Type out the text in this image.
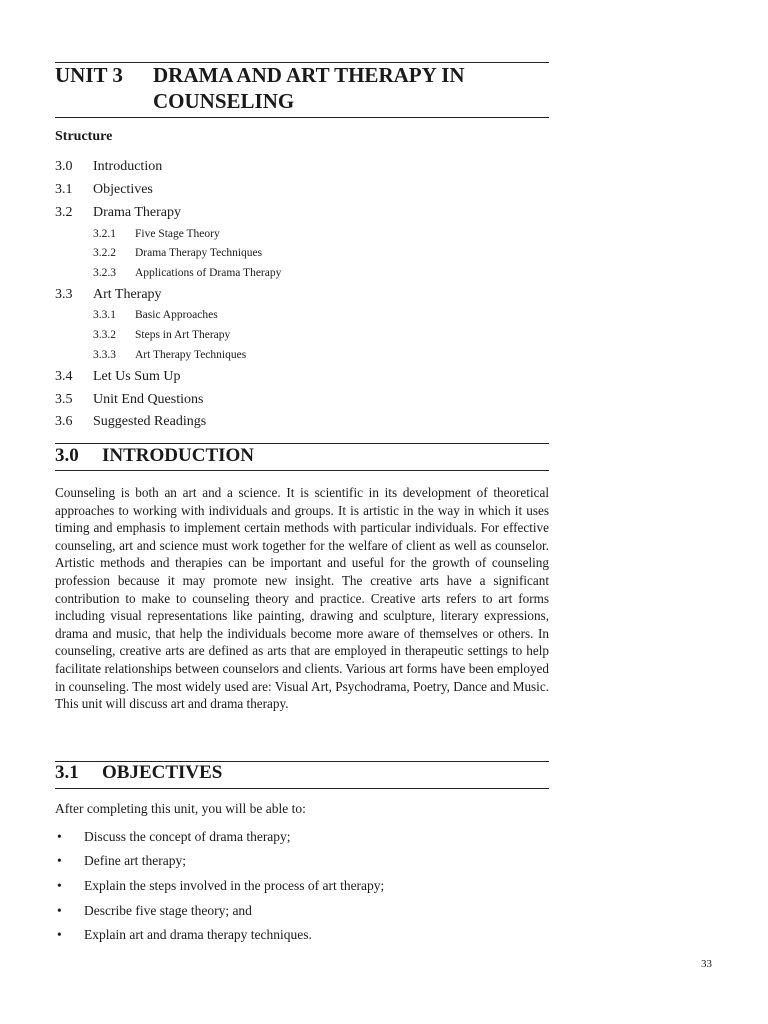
UNIT 3 DRAMA AND ART THERAPY IN
COUNSELING
Structure
3.0 Introduction
3.1 Objectives
3.2 Drama Therapy
3.2.1 Five Stage Theory
3.2.2 Drama Therapy Techniques
3.2.3 Applications of Drama Therapy
3.3 Art Therapy
3.3.1 Basic Approaches
3.3.2 Steps in Art Therapy
3.3.3 Art Therapy Techniques
3.4 Let Us Sum Up
3.5 Unit End Questions
3.6 Suggested Readings
3.0 INTRODUCTION
Counseling is both an art and a science. It is scientific in its development of theoretical approaches to working with individuals and groups. It is artistic in the way in which it uses timing and emphasis to implement certain methods with particular individuals. For effective counseling, art and science must work together for the welfare of client as well as counselor. Artistic methods and therapies can be important and useful for the growth of counseling profession because it may promote new insight. The creative arts have a significant contribution to make to counseling theory and practice. Creative arts refers to art forms including visual representations like painting, drawing and sculpture, literary expressions, drama and music, that help the individuals become more aware of themselves or others. In counseling, creative arts are defined as arts that are employed in therapeutic settings to help facilitate relationships between counselors and clients. Various art forms have been employed in counseling. The most widely used are: Visual Art, Psychodrama, Poetry, Dance and Music. This unit will discuss art and drama therapy.
3.1 OBJECTIVES
After completing this unit, you will be able to:
• Discuss the concept of drama therapy;
• Define art therapy;
• Explain the steps involved in the process of art therapy;
• Describe five stage theory; and
• Explain art and drama therapy techniques.
33
